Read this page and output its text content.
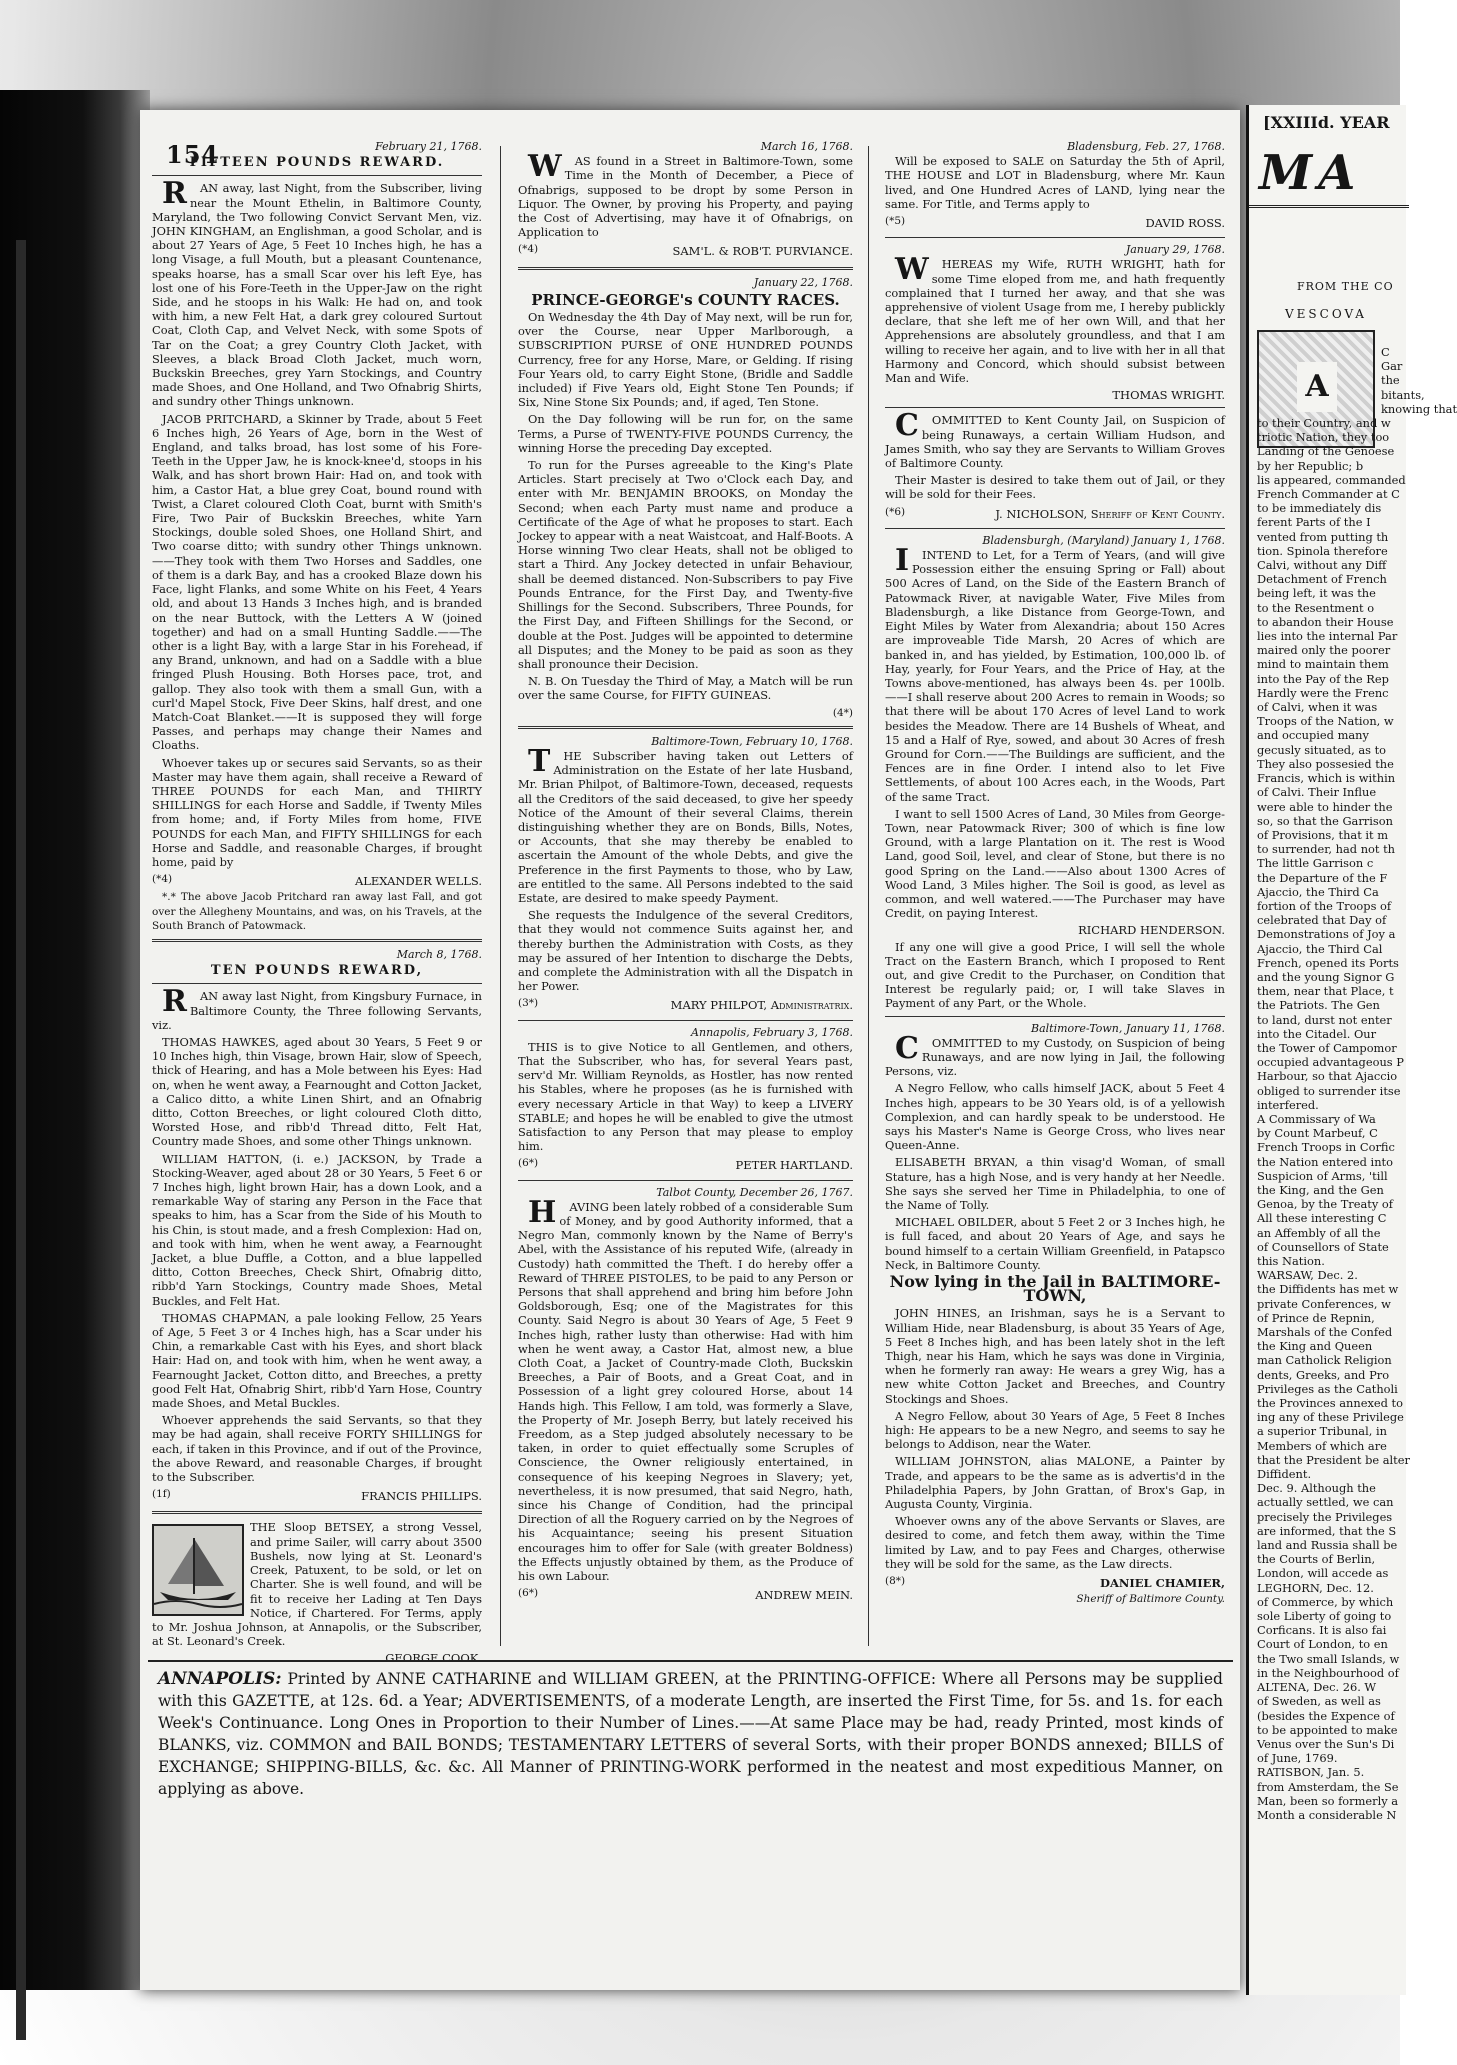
154	February 21, 1768.
FIFTEEN POUNDS REWARD.
RAN away, last Night, from the Subscriber, living near the Mount Ethelin, in Baltimore County, Maryland, the Two following Convict Servant Men, viz. JOHN KINGHAM, an Englishman, a good Scholar, and is about 27 Years of Age, 5 Feet 10 Inches high, he has a long Visage, a full Mouth, but a pleasant Countenance, speaks hoarse, has a small Scar over his left Eye, has lost one of his Fore-Teeth in the Upper-Jaw on the right Side, and he stoops in his Walk: He had on, and took with him, a new Felt Hat, a dark grey coloured Surtout Coat, Cloth Cap, and Velvet Neck, with some Spots of Tar on the Coat; a grey Country Cloth Jacket, with Sleeves, a black Broad Cloth Jacket, much worn, Buckskin Breeches, grey Yarn Stockings, and Country made Shoes, and One Holland, and Two Ofnabrig Shirts, and sundry other Things unknown.
JACOB PRITCHARD, a Skinner by Trade, about 5 Feet 6 Inches high, 26 Years of Age, born in the West of England, and talks broad, has lost some of his Fore-Teeth in the Upper Jaw, he is knock-knee'd, stoops in his Walk, and has short brown Hair: Had on, and took with him, a Castor Hat, a blue grey Coat, bound round with Twist, a Claret coloured Cloth Coat, burnt with Smith's Fire, Two Pair of Buckskin Breeches, white Yarn Stockings, double soled Shoes, one Holland Shirt, and Two coarse ditto; with sundry other Things unknown.——They took with them Two Horses and Saddles, one of them is a dark Bay, and has a crooked Blaze down his Face, light Flanks, and some White on his Feet, 4 Years old, and about 13 Hands 3 Inches high, and is branded on the near Buttock, with the Letters A W (joined together) and had on a small Hunting Saddle.——The other is a light Bay, with a large Star in his Forehead, if any Brand, unknown, and had on a Saddle with a blue fringed Plush Housing. Both Horses pace, trot, and gallop. They also took with them a small Gun, with a curl'd Mapel Stock, Five Deer Skins, half drest, and one Match-Coat Blanket.——It is supposed they will forge Passes, and perhaps may change their Names and Cloaths.
Whoever takes up or secures said Servants, so as their Master may have them again, shall receive a Reward of THREE POUNDS for each Man, and THIRTY SHILLINGS for each Horse and Saddle, if Twenty Miles from home; and, if Forty Miles from home, FIVE POUNDS for each Man, and FIFTY SHILLINGS for each Horse and Saddle, and reasonable Charges, if brought home, paid by
(*4)	ALEXANDER WELLS.
*.* The above Jacob Pritchard ran away last Fall, and got over the Allegheny Mountains, and was, on his Travels, at the South Branch of Patowmack.
March 8, 1768.
TEN POUNDS REWARD,
RAN away last Night, from Kingsbury Furnace, in Baltimore County, the Three following Servants, viz.
THOMAS HAWKES, aged about 30 Years, 5 Feet 9 or 10 Inches high, thin Visage, brown Hair, slow of Speech, thick of Hearing, and has a Mole between his Eyes: Had on, when he went away, a Fearnought and Cotton Jacket, a Calico ditto, a white Linen Shirt, and an Ofnabrig ditto, Cotton Breeches, or light coloured Cloth ditto, Worsted Hose, and ribb'd Thread ditto, Felt Hat, Country made Shoes, and some other Things unknown.
WILLIAM HATTON, (i. e.) JACKSON, by Trade a Stocking-Weaver, aged about 28 or 30 Years, 5 Feet 6 or 7 Inches high, light brown Hair, has a down Look, and a remarkable Way of staring any Person in the Face that speaks to him, has a Scar from the Side of his Mouth to his Chin, is stout made, and a fresh Complexion: Had on, and took with him, when he went away, a Fearnought Jacket, a blue Duffle, a Cotton, and a blue lappelled ditto, Cotton Breeches, Check Shirt, Ofnabrig ditto, ribb'd Yarn Stockings, Country made Shoes, Metal Buckles, and Felt Hat.
THOMAS CHAPMAN, a pale looking Fellow, 25 Years of Age, 5 Feet 3 or 4 Inches high, has a Scar under his Chin, a remarkable Cast with his Eyes, and short black Hair: Had on, and took with him, when he went away, a Fearnought Jacket, Cotton ditto, and Breeches, a pretty good Felt Hat, Ofnabrig Shirt, ribb'd Yarn Hose, Country made Shoes, and Metal Buckles.
Whoever apprehends the said Servants, so that they may be had again, shall receive FORTY SHILLINGS for each, if taken in this Province, and if out of the Province, the above Reward, and reasonable Charges, if brought to the Subscriber.
(1f)	FRANCIS PHILLIPS.
THE Sloop BETSEY, a strong Vessel, and prime Sailer, will carry about 3500 Bushels, now lying at St. Leonard's Creek, Patuxent, to be sold, or let on Charter. She is well found, and will be fit to receive her Lading at Ten Days Notice, if Chartered. For Terms, apply to Mr. Joshua Johnson, at Annapolis, or the Subscriber, at St. Leonard's Creek.
GEORGE COOK.
March 16, 1768.
WAS found in a Street in Baltimore-Town, some Time in the Month of December, a Piece of Ofnabrigs, supposed to be dropt by some Person in Liquor. The Owner, by proving his Property, and paying the Cost of Advertising, may have it of Ofnabrigs, on Application to
(*4)	SAM'L. & ROB'T. PURVIANCE.
January 22, 1768.
PRINCE-GEORGE's COUNTY RACES.
On Wednesday the 4th Day of May next, will be run for, over the Course, near Upper Marlborough, a SUBSCRIPTION PURSE of ONE HUNDRED POUNDS Currency, free for any Horse, Mare, or Gelding. If rising Four Years old, to carry Eight Stone, (Bridle and Saddle included) if Five Years old, Eight Stone Ten Pounds; if Six, Nine Stone Six Pounds; and, if aged, Ten Stone.
On the Day following will be run for, on the same Terms, a Purse of TWENTY-FIVE POUNDS Currency, the winning Horse the preceding Day excepted.
To run for the Purses agreeable to the King's Plate Articles. Start precisely at Two o'Clock each Day, and enter with Mr. BENJAMIN BROOKS, on Monday the Second; when each Party must name and produce a Certificate of the Age of what he proposes to start. Each Jockey to appear with a neat Waistcoat, and Half-Boots. A Horse winning Two clear Heats, shall not be obliged to start a Third. Any Jockey detected in unfair Behaviour, shall be deemed distanced. Non-Subscribers to pay Five Pounds Entrance, for the First Day, and Twenty-five Shillings for the Second. Subscribers, Three Pounds, for the First Day, and Fifteen Shillings for the Second, or double at the Post. Judges will be appointed to determine all Disputes; and the Money to be paid as soon as they shall pronounce their Decision.
N. B. On Tuesday the Third of May, a Match will be run over the same Course, for FIFTY GUINEAS.
(4*)
Baltimore-Town, February 10, 1768.
THE Subscriber having taken out Letters of Administration on the Estate of her late Husband, Mr. Brian Philpot, of Baltimore-Town, deceased, requests all the Creditors of the said deceased, to give her speedy Notice of the Amount of their several Claims, therein distinguishing whether they are on Bonds, Bills, Notes, or Accounts, that she may thereby be enabled to ascertain the Amount of the whole Debts, and give the Preference in the first Payments to those, who by Law, are entitled to the same. All Persons indebted to the said Estate, are desired to make speedy Payment.
She requests the Indulgence of the several Creditors, that they would not commence Suits against her, and thereby burthen the Administration with Costs, as they may be assured of her Intention to discharge the Debts, and complete the Administration with all the Dispatch in her Power.
(3*)	MARY PHILPOT, Administratrix.
Annapolis, February 3, 1768.
THIS is to give Notice to all Gentlemen, and others, That the Subscriber, who has, for several Years past, serv'd Mr. William Reynolds, as Hostler, has now rented his Stables, where he proposes (as he is furnished with every necessary Article in that Way) to keep a LIVERY STABLE; and hopes he will be enabled to give the utmost Satisfaction to any Person that may please to employ him.
(6*)	PETER HARTLAND.
Talbot County, December 26, 1767.
HAVING been lately robbed of a considerable Sum of Money, and by good Authority informed, that a Negro Man, commonly known by the Name of Berry's Abel, with the Assistance of his reputed Wife, (already in Custody) hath committed the Theft. I do hereby offer a Reward of THREE PISTOLES, to be paid to any Person or Persons that shall apprehend and bring him before John Goldsborough, Esq; one of the Magistrates for this County. Said Negro is about 30 Years of Age, 5 Feet 9 Inches high, rather lusty than otherwise: Had with him when he went away, a Castor Hat, almost new, a blue Cloth Coat, a Jacket of Country-made Cloth, Buckskin Breeches, a Pair of Boots, and a Great Coat, and in Possession of a light grey coloured Horse, about 14 Hands high. This Fellow, I am told, was formerly a Slave, the Property of Mr. Joseph Berry, but lately received his Freedom, as a Step judged absolutely necessary to be taken, in order to quiet effectually some Scruples of Conscience, the Owner religiously entertained, in consequence of his keeping Negroes in Slavery; yet, nevertheless, it is now presumed, that said Negro, hath, since his Change of Condition, had the principal Direction of all the Roguery carried on by the Negroes of his Acquaintance; seeing his present Situation encourages him to offer for Sale (with greater Boldness) the Effects unjustly obtained by them, as the Produce of his own Labour.
(6*)	ANDREW MEIN.
Bladensburg, Feb. 27, 1768.
Will be exposed to SALE on Saturday the 5th of April, THE HOUSE and LOT in Bladensburg, where Mr. Kaun lived, and One Hundred Acres of LAND, lying near the same. For Title, and Terms apply to
(*5)	DAVID ROSS.
January 29, 1768.
WHEREAS my Wife, RUTH WRIGHT, hath for some Time eloped from me, and hath frequently complained that I turned her away, and that she was apprehensive of violent Usage from me, I hereby publickly declare, that she left me of her own Will, and that her Apprehensions are absolutely groundless, and that I am willing to receive her again, and to live with her in all that Harmony and Concord, which should subsist between Man and Wife.
THOMAS WRIGHT.
COMMITTED to Kent County Jail, on Suspicion of being Runaways, a certain William Hudson, and James Smith, who say they are Servants to William Groves of Baltimore County.
Their Master is desired to take them out of Jail, or they will be sold for their Fees.
(*6)	J. NICHOLSON, Sheriff of Kent County.
Bladensburgh, (Maryland) January 1, 1768.
IINTEND to Let, for a Term of Years, (and will give Possession either the ensuing Spring or Fall) about 500 Acres of Land, on the Side of the Eastern Branch of Patowmack River, at navigable Water, Five Miles from Bladensburgh, a like Distance from George-Town, and Eight Miles by Water from Alexandria; about 150 Acres are improveable Tide Marsh, 20 Acres of which are banked in, and has yielded, by Estimation, 100,000 lb. of Hay, yearly, for Four Years, and the Price of Hay, at the Towns above-mentioned, has always been 4s. per 100lb.——I shall reserve about 200 Acres to remain in Woods; so that there will be about 170 Acres of level Land to work besides the Meadow. There are 14 Bushels of Wheat, and 15 and a Half of Rye, sowed, and about 30 Acres of fresh Ground for Corn.——The Buildings are sufficient, and the Fences are in fine Order. I intend also to let Five Settlements, of about 100 Acres each, in the Woods, Part of the same Tract.
I want to sell 1500 Acres of Land, 30 Miles from George-Town, near Patowmack River; 300 of which is fine low Ground, with a large Plantation on it. The rest is Wood Land, good Soil, level, and clear of Stone, but there is no good Spring on the Land.——Also about 1300 Acres of Wood Land, 3 Miles higher. The Soil is good, as level as common, and well watered.——The Purchaser may have Credit, on paying Interest.
RICHARD HENDERSON.
If any one will give a good Price, I will sell the whole Tract on the Eastern Branch, which I proposed to Rent out, and give Credit to the Purchaser, on Condition that Interest be regularly paid; or, I will take Slaves in Payment of any Part, or the Whole.
Baltimore-Town, January 11, 1768.
COMMITTED to my Custody, on Suspicion of being Runaways, and are now lying in Jail, the following Persons, viz.
A Negro Fellow, who calls himself JACK, about 5 Feet 4 Inches high, appears to be 30 Years old, is of a yellowish Complexion, and can hardly speak to be understood. He says his Master's Name is George Cross, who lives near Queen-Anne.
ELISABETH BRYAN, a thin visag'd Woman, of small Stature, has a high Nose, and is very handy at her Needle. She says she served her Time in Philadelphia, to one of the Name of Tolly.
MICHAEL OBILDER, about 5 Feet 2 or 3 Inches high, he is full faced, and about 20 Years of Age, and says he bound himself to a certain William Greenfield, in Patapsco Neck, in Baltimore County.
Now lying in the Jail in BALTIMORE-TOWN,
JOHN HINES, an Irishman, says he is a Servant to William Hide, near Bladensburg, is about 35 Years of Age, 5 Feet 8 Inches high, and has been lately shot in the left Thigh, near his Ham, which he says was done in Virginia, when he formerly ran away: He wears a grey Wig, has a new white Cotton Jacket and Breeches, and Country Stockings and Shoes.
A Negro Fellow, about 30 Years of Age, 5 Feet 8 Inches high: He appears to be a new Negro, and seems to say he belongs to Addison, near the Water.
WILLIAM JOHNSTON, alias MALONE, a Painter by Trade, and appears to be the same as is advertis'd in the Philadelphia Papers, by John Grattan, of Brox's Gap, in Augusta County, Virginia.
Whoever owns any of the above Servants or Slaves, are desired to come, and fetch them away, within the Time limited by Law, and to pay Fees and Charges, otherwise they will be sold for the same, as the Law directs.
(8*)	DANIEL CHAMIER,
Sheriff of Baltimore County.
ANNAPOLIS: Printed by ANNE CATHARINE and WILLIAM GREEN, at the PRINTING-OFFICE: Where all Persons may be supplied with this GAZETTE, at 12s. 6d. a Year; ADVERTISEMENTS, of a moderate Length, are inserted the First Time, for 5s. and 1s. for each Week's Continuance. Long Ones in Proportion to their Number of Lines.——At same Place may be had, ready Printed, most kinds of BLANKS, viz. COMMON and BAIL BONDS; TESTAMENTARY LETTERS of several Sorts, with their proper BONDS annexed; BILLS of EXCHANGE; SHIPPING-BILLS, &c. &c. All Manner of PRINTING-WORK performed in the neatest and most expeditious Manner, on applying as above.
[XXIIId. YEAR
MA
FROM THE CO
VESCOVA
A
C
Gar
the
bitants,
knowing that
to their Country, and w
triotic Nation, they too
Landing of the Genoese
by her Republic; b
lis appeared, commanded
French Commander at C
to be immediately dis
ferent Parts of the I
vented from putting th
tion. Spinola therefore
Calvi, without any Diff
Detachment of French
being left, it was the
to the Resentment o
to abandon their House
lies into the internal Par
maired only the poorer
mind to maintain them
into the Pay of the Rep
Hardly were the Frenc
of Calvi, when it was
Troops of the Nation, w
and occupied many
gecusly situated, as to
They also possesied the
Francis, which is within
of Calvi. Their Influe
were able to hinder the
so, so that the Garrison
of Provisions, that it m
to surrender, had not th
The little Garrison c
the Departure of the F
Ajaccio, the Third Ca
fortion of the Troops of
celebrated that Day of
Demonstrations of Joy a
Ajaccio, the Third Cal
French, opened its Ports
and the young Signor G
them, near that Place, t
the Patriots. The Gen
to land, durst not enter
into the Citadel. Our
the Tower of Campomor
occupied advantageous P
Harbour, so that Ajaccio
obliged to surrender itse
interfered.
A Commissary of Wa
by Count Marbeuf, C
French Troops in Corfic
the Nation entered into
Suspicion of Arms, 'till
the King, and the Gen
Genoa, by the Treaty of
All these interesting C
an Affembly of all the
of Counsellors of State
this Nation.
WARSAW, Dec. 2.
the Diffidents has met w
private Conferences, w
of Prince de Repnin,
Marshals of the Confed
the King and Queen
man Catholick Religion
dents, Greeks, and Pro
Privileges as the Catholi
the Provinces annexed to
ing any of these Privilege
a superior Tribunal, in
Members of which are
that the President be alter
Diffident.
Dec. 9. Although the
actually settled, we can
precisely the Privileges
are informed, that the S
land and Russia shall be
the Courts of Berlin,
London, will accede as
LEGHORN, Dec. 12.
of Commerce, by which
sole Liberty of going to
Corficans. It is also fai
Court of London, to en
the Two small Islands, w
in the Neighbourhood of
ALTENA, Dec. 26. W
of Sweden, as well as
(besides the Expence of
to be appointed to make
Venus over the Sun's Di
of June, 1769.
RATISBON, Jan. 5.
from Amsterdam, the Se
Man, been so formerly a
Month a considerable N
